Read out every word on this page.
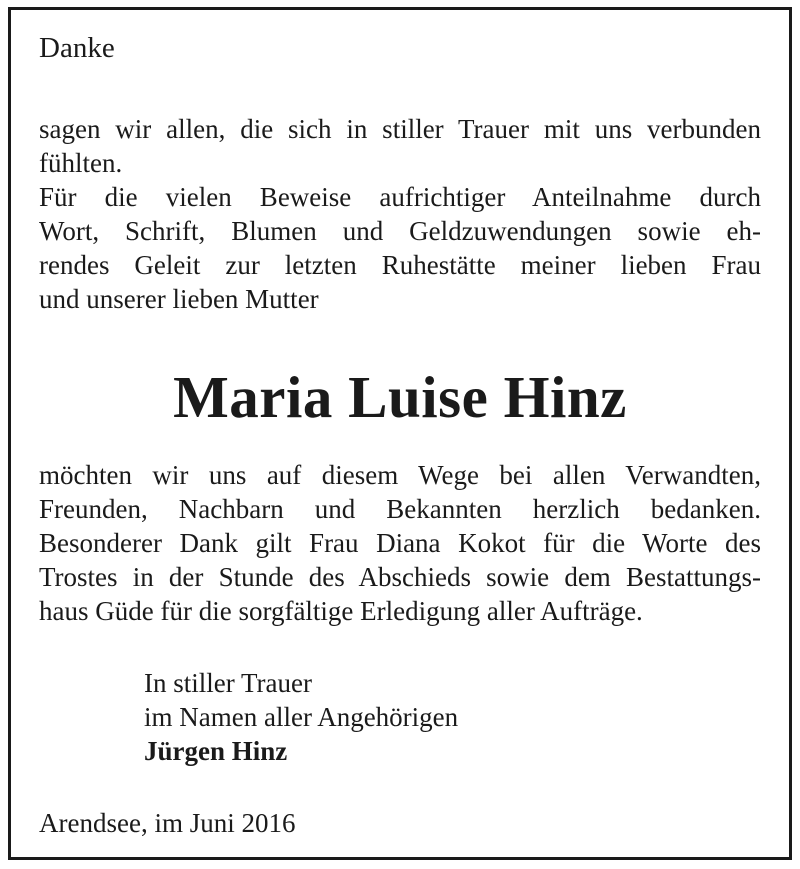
Danke
sagen wir allen, die sich in stiller Trauer mit uns verbunden
fühlten.
Für die vielen Beweise aufrichtiger Anteilnahme durch
Wort, Schrift, Blumen und Geldzuwendungen sowie eh-
rendes Geleit zur letzten Ruhestätte meiner lieben Frau
und unserer lieben Mutter
Maria Luise Hinz
möchten wir uns auf diesem Wege bei allen Verwandten,
Freunden, Nachbarn und Bekannten herzlich bedanken.
Besonderer Dank gilt Frau Diana Kokot für die Worte des
Trostes in der Stunde des Abschieds sowie dem Bestattungs-
haus Güde für die sorgfältige Erledigung aller Aufträge.
In stiller Trauer
im Namen aller Angehörigen
Jürgen Hinz
Arendsee, im Juni 2016
